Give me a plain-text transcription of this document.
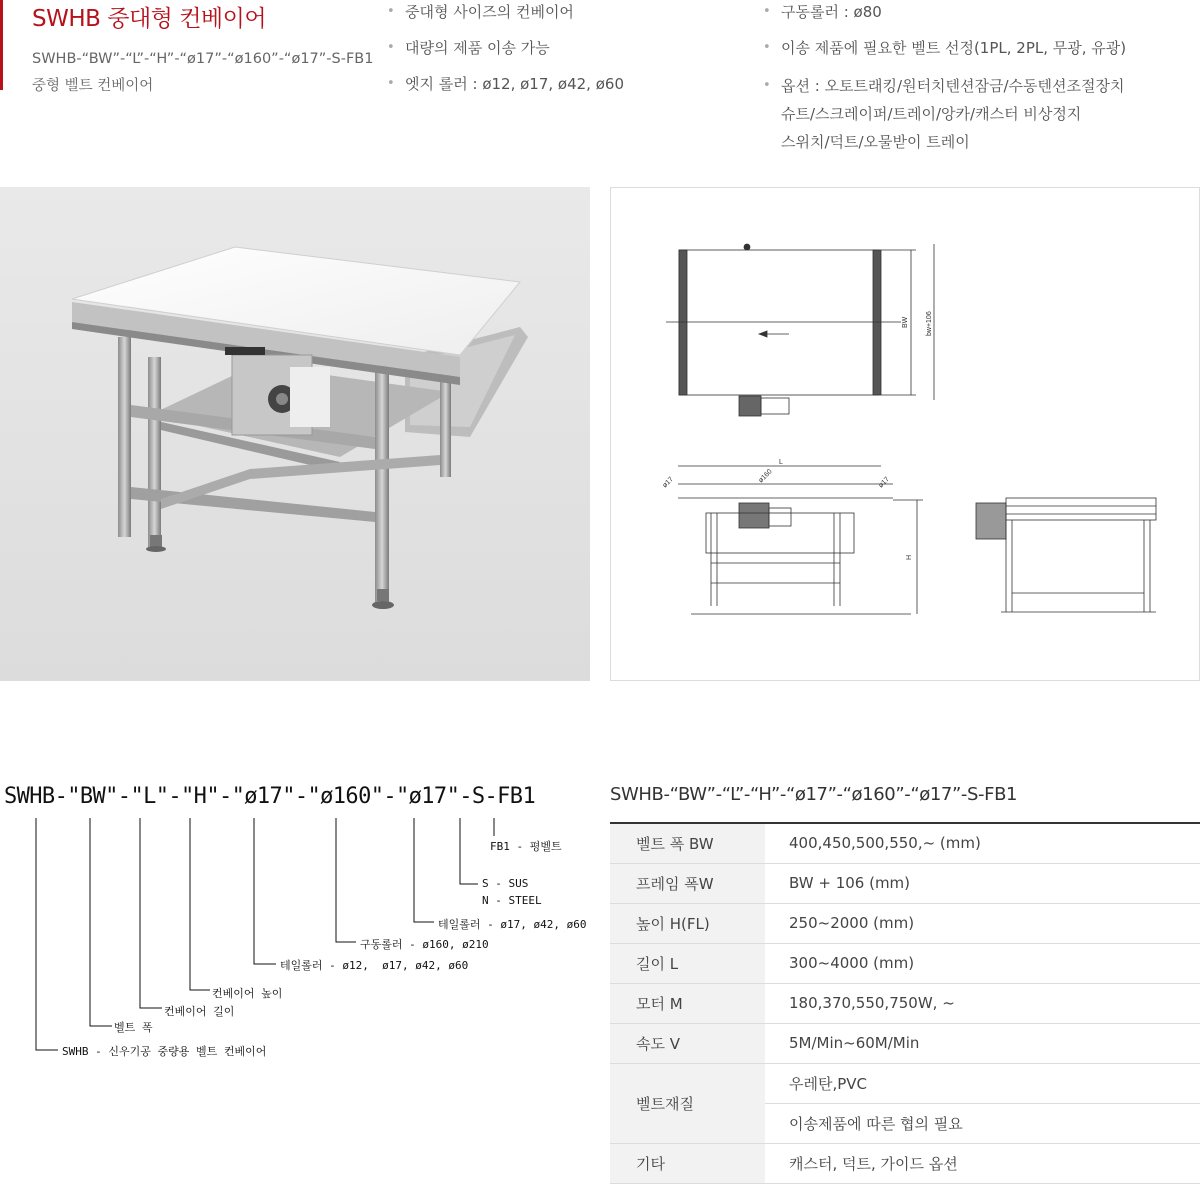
SWHB 중대형 컨베이어
SWHB-“BW”-“L”-“H”-“ø17”-“ø160”-“ø17”-S-FB1
중형 벨트 컨베이어
• 중대형 사이즈의 컨베이어
• 대량의 제품 이송 가능
• 엣지 롤러 : ø12, ø17, ø42, ø60
• 구동롤러 : ø80
• 이송 제품에 필요한 벨트 선정(1PL, 2PL, 무광, 유광)
• 옵션 : 오토트래킹/원터치텐션잠금/수동텐션조절장치
슈트/스크레이퍼/트레이/앙카/캐스터 비상정지
스위치/덕트/오물받이 트레이
BW bw+106
L
H
ø17	ø160	ø17
SWHB-"BW"-"L"-"H"-"ø17"-"ø160"-"ø17"-S-FB1
FB1 - 평벨트
S - SUS
N - STEEL
테일롤러 - ø17, ø42, ø60
구동롤러 - ø160, ø210
테일롤러 - ø12,  ø17, ø42, ø60
컨베이어 높이
컨베이어 길이
벨트 폭
SWHB - 신우기공 중량용 벨트 컨베이어
SWHB-“BW”-“L”-“H”-“ø17”-“ø160”-“ø17”-S-FB1
벨트 폭 BW	400,450,500,550,~ (mm)
프레임 폭W	BW + 106 (mm)
높이 H(FL)	250~2000 (mm)
길이 L	300~4000 (mm)
모터 M	180,370,550,750W, ~
속도 V	5M/Min~60M/Min
벨트재질	우레탄,PVC
	이송제품에 따른 협의 필요
기타	캐스터, 덕트, 가이드 옵션
